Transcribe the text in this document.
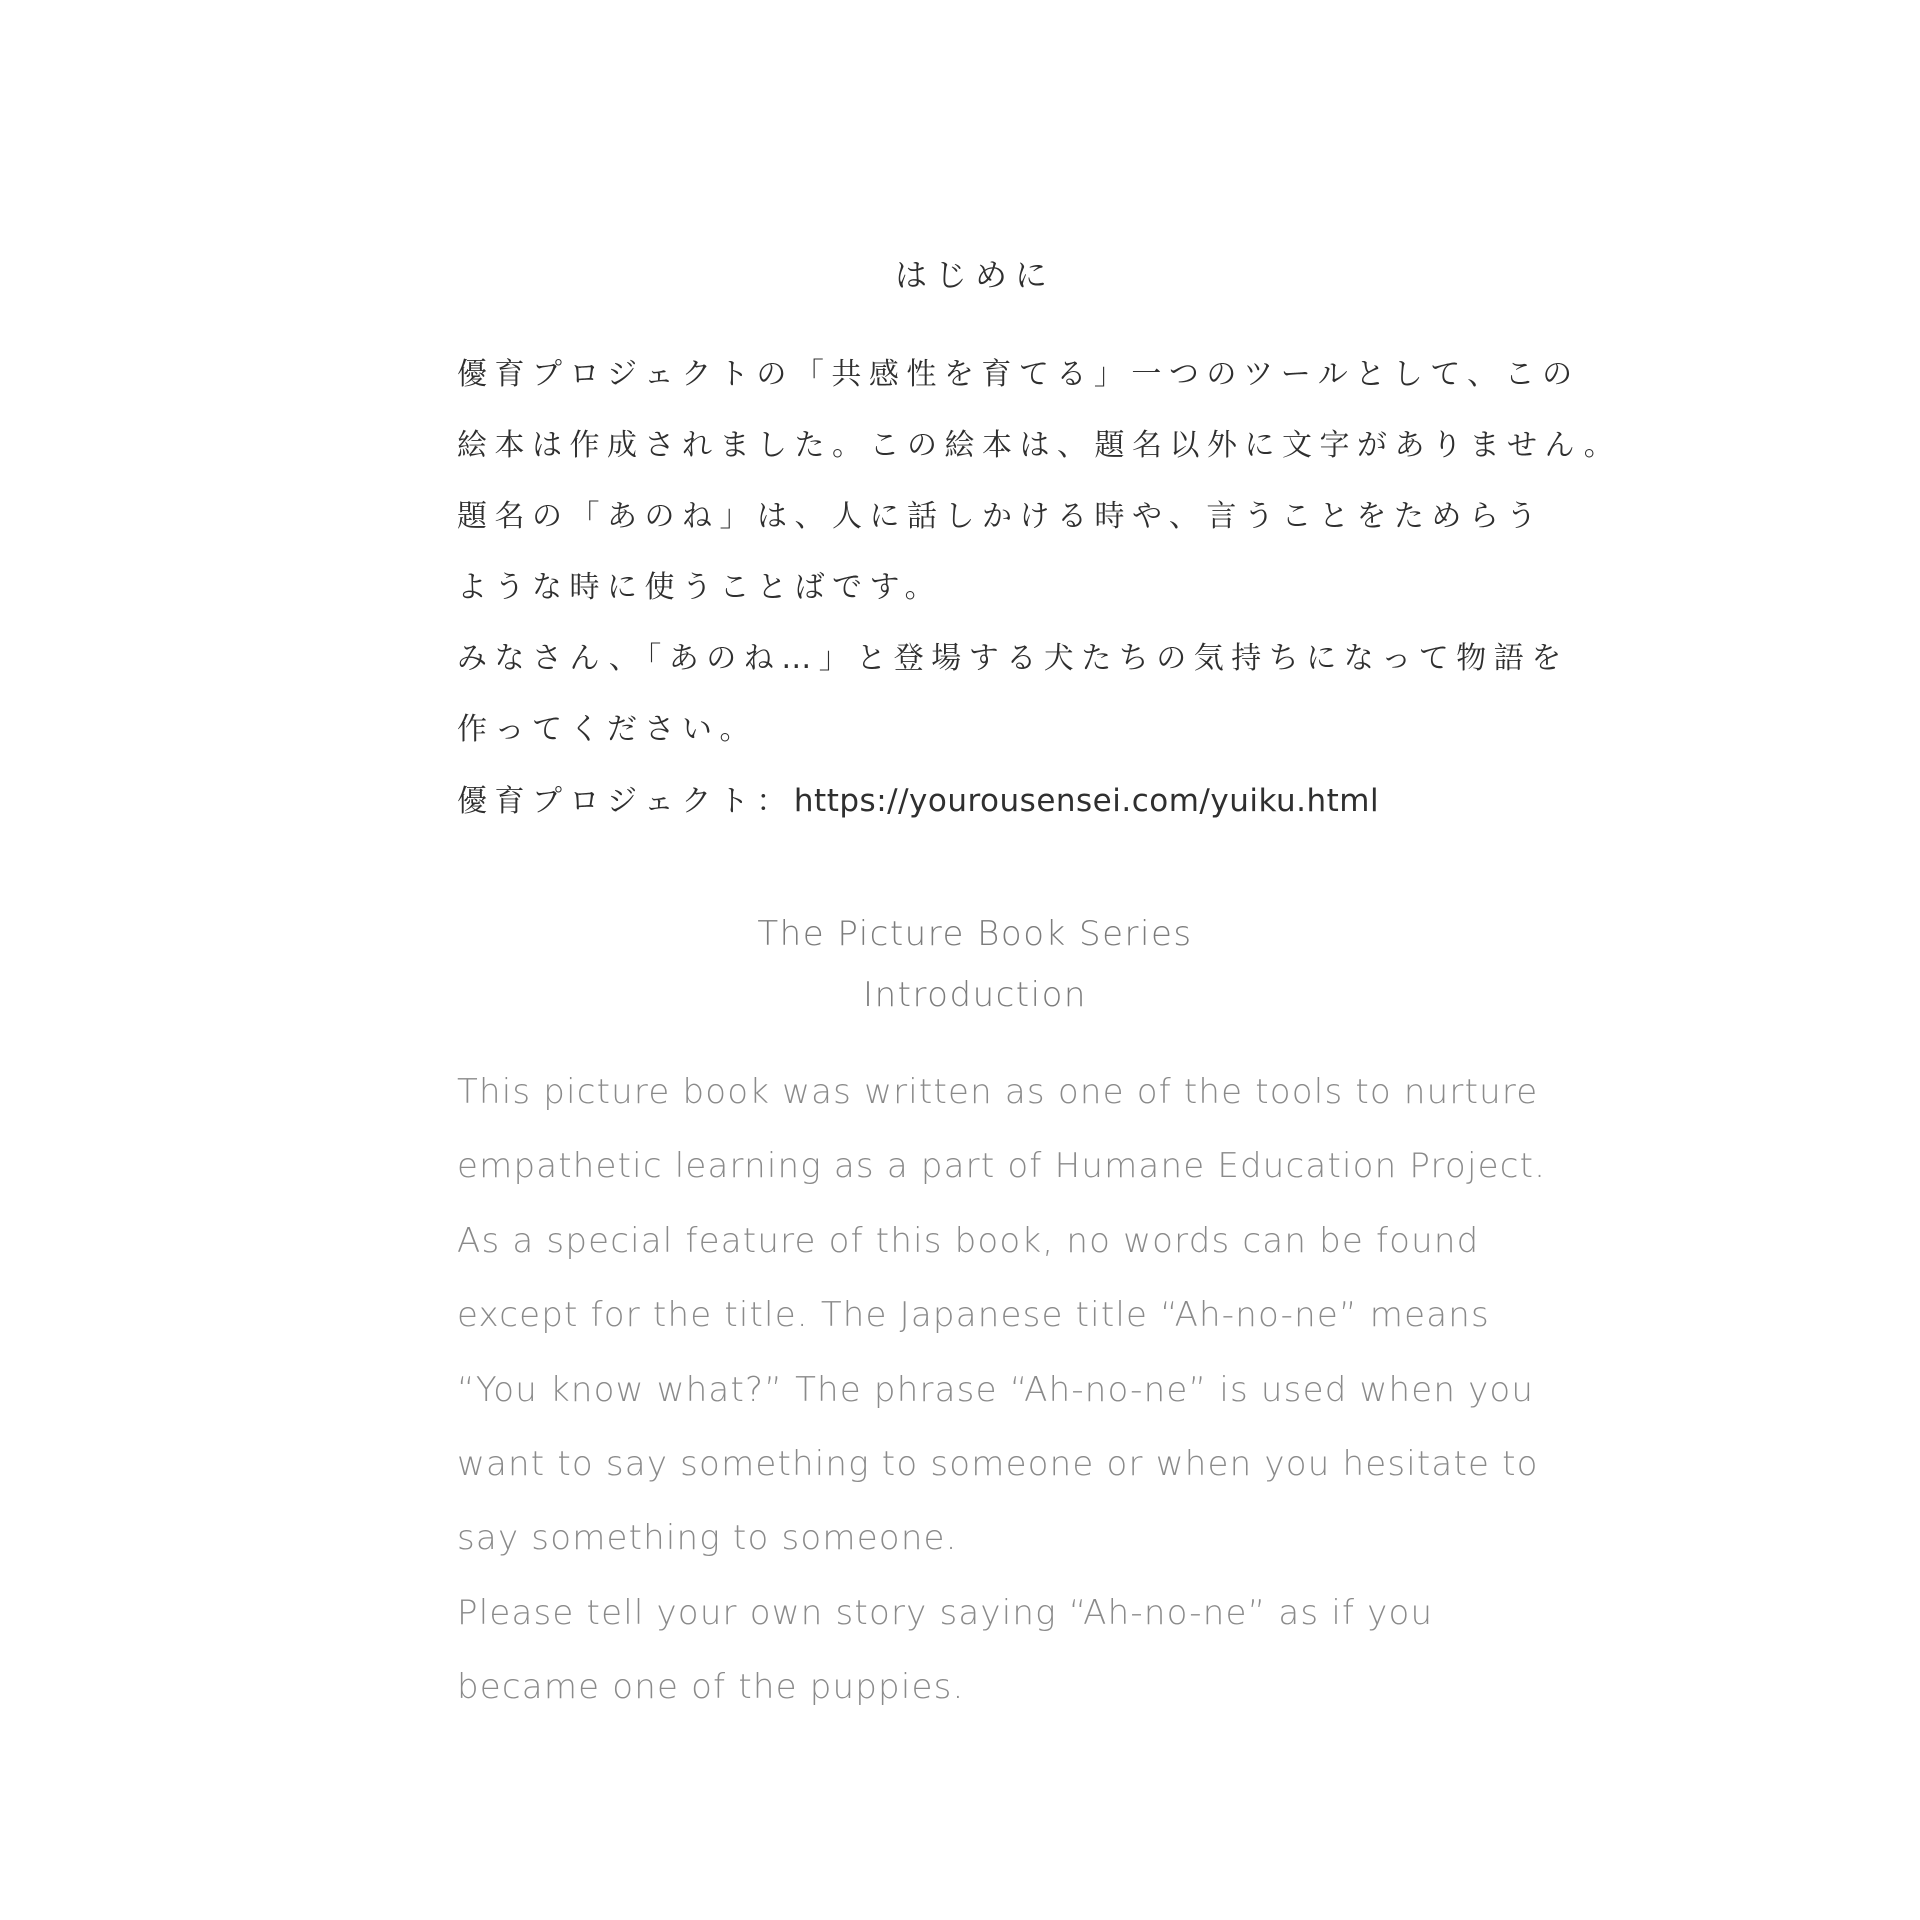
はじめに
優育プロジェクトの「共感性を育てる」一つのツールとして、この
絵本は作成されました。この絵本は、題名以外に文字がありません。
題名の「あのね」は、人に話しかける時や、言うことをためらう
ような時に使うことばです。
みなさん、「あのね…」と登場する犬たちの気持ちになって物語を
作ってください。
優育プロジェクト：https://yourousensei.com/yuiku.html
The Picture Book Series
Introduction
This picture book was written as one of the tools to nurture
empathetic learning as a part of Humane Education Project.
As a special feature of this book, no words can be found
except for the title. The Japanese title “Ah-no-ne” means
“You know what?” The phrase “Ah-no-ne” is used when you
want to say something to someone or when you hesitate to
say something to someone.
Please tell your own story saying “Ah-no-ne” as if you
became one of the puppies.
